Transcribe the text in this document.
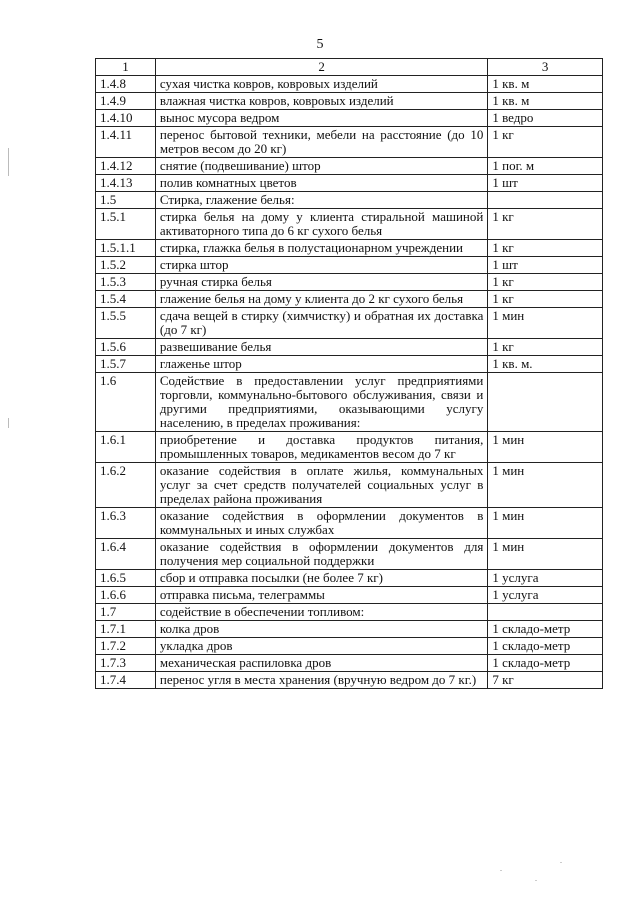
5
1	2	3
1.4.8	сухая чистка ковров, ковровых изделий	1 кв. м
1.4.9	влажная чистка ковров, ковровых изделий	1 кв. м
1.4.10	вынос мусора ведром	1 ведро
1.4.11	перенос бытовой техники, мебели на расстояние (до 10 метров весом до 20 кг)	1 кг
1.4.12	снятие (подвешивание) штор	1 пог. м
1.4.13	полив комнатных цветов	1 шт
1.5	Стирка, глажение белья:	
1.5.1	стирка белья на дому у клиента стиральной машиной активаторного типа до 6 кг сухого белья	1 кг
1.5.1.1	стирка, глажка белья в полустационарном учреждении	1 кг
1.5.2	стирка штор	1 шт
1.5.3	ручная стирка белья	1 кг
1.5.4	глажение белья на дому у клиента до 2 кг сухого белья	1 кг
1.5.5	сдача вещей в стирку (химчистку) и обратная их доставка (до 7 кг)	1 мин
1.5.6	развешивание белья	1 кг
1.5.7	глаженье штор	1 кв. м.
1.6	Содействие в предоставлении услуг предприятиями торговли, коммунально-бытового обслуживания, связи и другими предприятиями, оказывающими услугу населению, в пределах проживания:	
1.6.1	приобретение и доставка продуктов питания, промышленных товаров, медикаментов весом до 7 кг	1 мин
1.6.2	оказание содействия в оплате жилья, коммунальных услуг за счет средств получателей социальных услуг в пределах района проживания	1 мин
1.6.3	оказание содействия в оформлении документов в коммунальных и иных службах	1 мин
1.6.4	оказание содействия в оформлении документов для получения мер социальной поддержки	1 мин
1.6.5	сбор и отправка посылки (не более 7 кг)	1 услуга
1.6.6	отправка письма, телеграммы	1 услуга
1.7	содействие в обеспечении топливом:	
1.7.1	колка дров	1 складо-метр
1.7.2	укладка дров	1 складо-метр
1.7.3	механическая распиловка дров	1 складо-метр
1.7.4	перенос угля в места хранения (вручную ведром до 7 кг.)	7 кг
